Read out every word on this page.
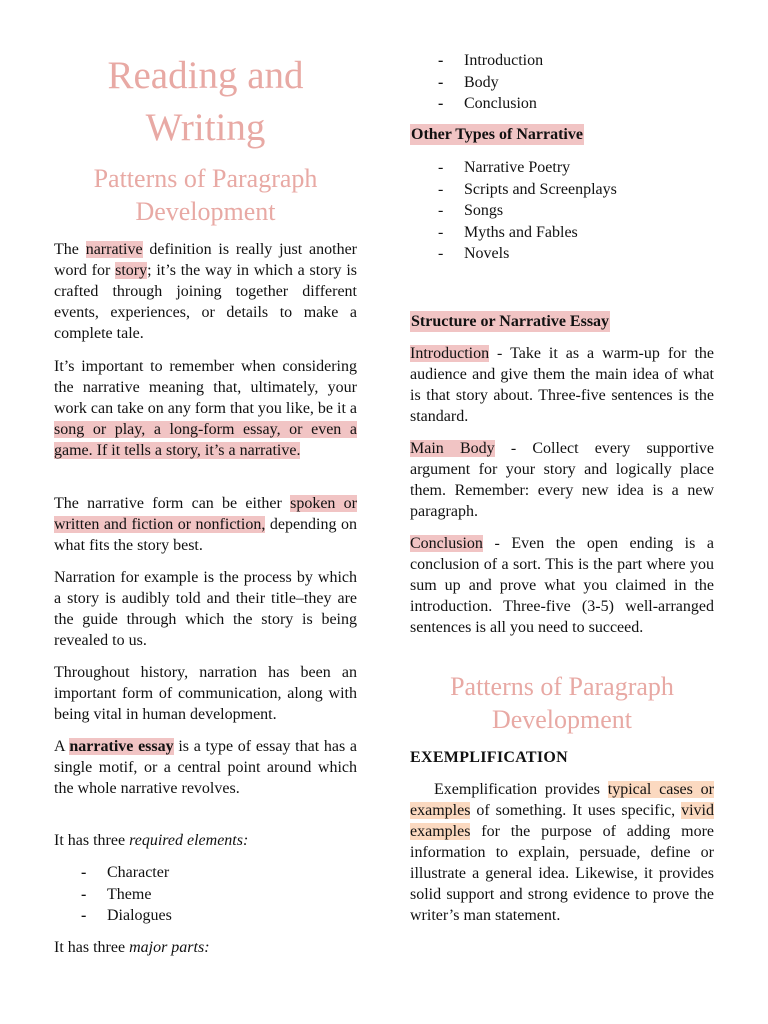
Reading and Writing
Patterns of Paragraph Development

The narrative definition is really just another word for story; it’s the way in which a story is crafted through joining together different events, experiences, or details to make a complete tale.

It’s important to remember when considering the narrative meaning that, ultimately, your work can take on any form that you like, be it a song or play, a long-form essay, or even a game. If it tells a story, it’s a narrative.

The narrative form can be either spoken or written and fiction or nonfiction, depending on what fits the story best.

Narration for example is the process by which a story is audibly told and their title–they are the guide through which the story is being revealed to us.

Throughout history, narration has been an important form of communication, along with being vital in human development.

A narrative essay is a type of essay that has a single motif, or a central point around which the whole narrative revolves.

It has three required elements:

- Character
- Theme
- Dialogues

It has three major parts:

- Introduction
- Body
- Conclusion
Other Types of Narrative
- Narrative Poetry
- Scripts and Screenplays
- Songs
- Myths and Fables
- Novels
Structure or Narrative Essay

Introduction - Take it as a warm-up for the audience and give them the main idea of what is that story about. Three-five sentences is the standard.

Main Body - Collect every supportive argument for your story and logically place them. Remember: every new idea is a new paragraph.

Conclusion - Even the open ending is a conclusion of a sort. This is the part where you sum up and prove what you claimed in the introduction. Three-five (3-5) well-arranged sentences is all you need to succeed.

Patterns of Paragraph Development
EXEMPLIFICATION

Exemplification provides typical cases or examples of something. It uses specific, vivid examples for the purpose of adding more information to explain, persuade, define or illustrate a general idea. Likewise, it provides solid support and strong evidence to prove the writer’s man statement.
